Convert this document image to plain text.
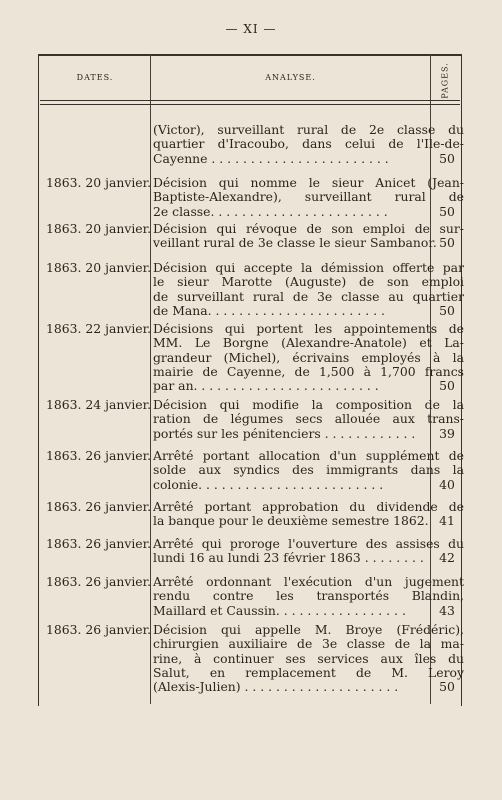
— XI —
DATES.	ANALYSE.	PAGES.
(Victor), surveillant rural de 2e classe du
quartier d'Iracoubo, dans celui de l'Ile-de-
Cayenne . . . . . . . . . . . . . . . . . . . . . . .	50
1863. 20 janvier. Décision qui nomme le sieur Anicet (Jean-
Baptiste-Alexandre), surveillant rural de
2e classe. . . . . . . . . . . . . . . . . . . . . . .	50
1863. 20 janvier. Décision qui révoque de son emploi de sur-
veillant rural de 3e classe le sieur Sambanor. 50
1863. 20 janvier. Décision qui accepte la démission offerte par
le sieur Marotte (Auguste) de son emploi
de surveillant rural de 3e classe au quartier
de Mana. . . . . . . . . . . . . . . . . . . . . . .	50
1863. 22 janvier. Décisions qui portent les appointements de
MM. Le Borgne (Alexandre-Anatole) et La-
grandeur (Michel), écrivains employés à la
mairie de Cayenne, de 1,500 à 1,700 francs
par an. . . . . . . . . . . . . . . . . . . . . . . .	50
1863. 24 janvier. Décision qui modifie la composition de la
ration de légumes secs allouée aux trans-
portés sur les pénitenciers . . . . . . . . . . . .	39
1863. 26 janvier. Arrêté portant allocation d'un supplément de
solde aux syndics des immigrants dans la
colonie. . . . . . . . . . . . . . . . . . . . . . . .	40
1863. 26 janvier. Arrêté portant approbation du dividende de
la banque pour le deuxième semestre 1862. 41
1863. 26 janvier. Arrêté qui proroge l'ouverture des assises du
lundi 16 au lundi 23 février 1863 . . . . . . . .	42
1863. 26 janvier. Arrêté ordonnant l'exécution d'un jugement
rendu contre les transportés Blandin,
Maillard et Caussin. . . . . . . . . . . . . . . . .	43
1863. 26 janvier. Décision qui appelle M. Broye (Frédéric),
chirurgien auxiliaire de 3e classe de la ma-
rine, à continuer ses services aux îles du
Salut, en remplacement de M. Leroy
(Alexis-Julien) . . . . . . . . . . . . . . . . . . . .	50
